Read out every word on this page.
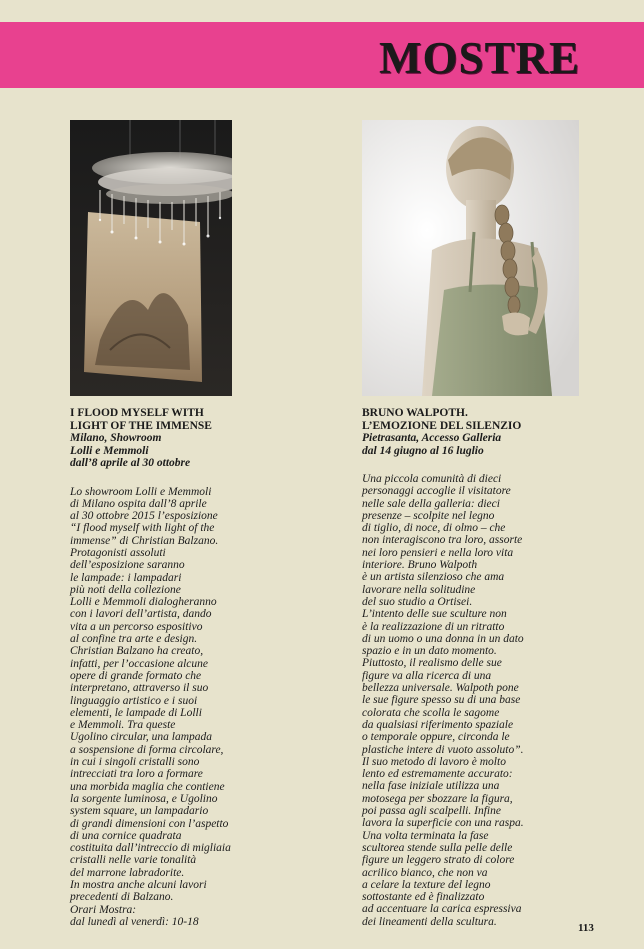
MOSTRE
I FLOOD MYSELF WITH
LIGHT OF THE IMMENSE
Milano, Showroom
Lolli e Memmoli
dall’8 aprile al 30 ottobre
Lo showroom Lolli e Memmoli
di Milano ospita dall’8 aprile
al 30 ottobre 2015 l’esposizione
“I flood myself with light of the
immense” di Christian Balzano.
Protagonisti assoluti
dell’esposizione saranno
le lampade: i lampadari
più noti della collezione
Lolli e Memmoli dialogheranno
con i lavori dell’artista, dando
vita a un percorso espositivo
al confine tra arte e design.
Christian Balzano ha creato,
infatti, per l’occasione alcune
opere di grande formato che
interpretano, attraverso il suo
linguaggio artistico e i suoi
elementi, le lampade di Lolli
e Memmoli. Tra queste
Ugolino circular, una lampada
a sospensione di forma circolare,
in cui i singoli cristalli sono
intrecciati tra loro a formare
una morbida maglia che contiene
la sorgente luminosa, e Ugolino
system square, un lampadario
di grandi dimensioni con l’aspetto
di una cornice quadrata
costituita dall’intreccio di migliaia
cristalli nelle varie tonalità
del marrone labradorite.
In mostra anche alcuni lavori
precedenti di Balzano.
Orari Mostra:
dal lunedì al venerdì: 10-18
BRUNO WALPOTH.
L’EMOZIONE DEL SILENZIO
Pietrasanta, Accesso Galleria
dal 14 giugno al 16 luglio
Una piccola comunità di dieci
personaggi accoglie il visitatore
nelle sale della galleria: dieci
presenze – scolpite nel legno
di tiglio, di noce, di olmo – che
non interagiscono tra loro, assorte
nei loro pensieri e nella loro vita
interiore. Bruno Walpoth
è un artista silenzioso che ama
lavorare nella solitudine
del suo studio a Ortisei.
L’intento delle sue sculture non
è la realizzazione di un ritratto
di un uomo o una donna in un dato
spazio e in un dato momento.
Piuttosto, il realismo delle sue
figure va alla ricerca di una
bellezza universale. Walpoth pone
le sue figure spesso su di una base
colorata che scolla le sagome
da qualsiasi riferimento spaziale
o temporale oppure, circonda le
plastiche intere di vuoto assoluto”.
Il suo metodo di lavoro è molto
lento ed estremamente accurato:
nella fase iniziale utilizza una
motosega per sbozzare la figura,
poi passa agli scalpelli. Infine
lavora la superficie con una raspa.
Una volta terminata la fase
scultorea stende sulla pelle delle
figure un leggero strato di colore
acrilico bianco, che non va
a celare la texture del legno
sottostante ed è finalizzato
ad accentuare la carica espressiva
dei lineamenti della scultura.
113
